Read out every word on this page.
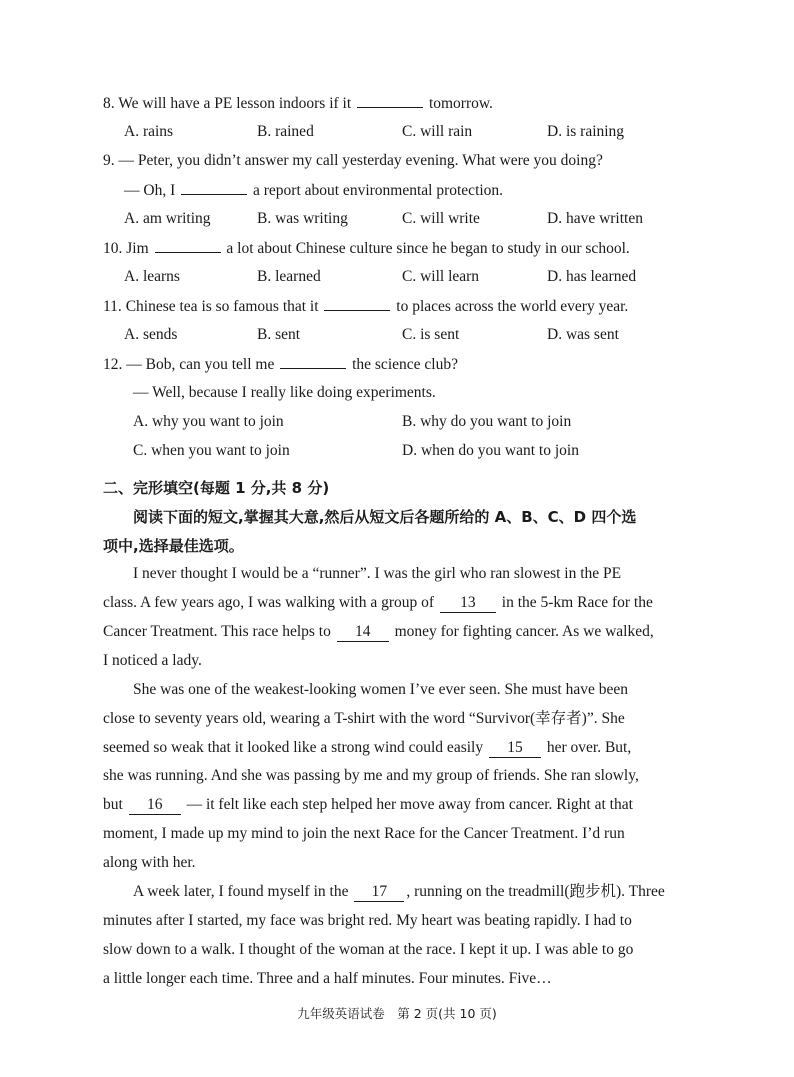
8. We will have a PE lesson indoors if it	tomorrow.
A. rains	B. rained	C. will rain	D. is raining
9. — Peter, you didn’t answer my call yesterday evening. What were you doing?
— Oh, I	a report about environmental protection.
A. am writing	B. was writing	C. will write	D. have written
10. Jim	a lot about Chinese culture since he began to study in our school.
A. learns	B. learned	C. will learn	D. has learned
11. Chinese tea is so famous that it	to places across the world every year.
A. sends	B. sent	C. is sent	D. was sent
12. — Bob, can you tell me	the science club?
— Well, because I really like doing experiments.
A. why you want to join	B. why do you want to join
C. when you want to join	D. when do you want to join
二、完形填空(每题 1 分,共 8 分)
阅读下面的短文,掌握其大意,然后从短文后各题所给的 A、B、C、D 四个选
项中,选择最佳选项。
I never thought I would be a “runner”. I was the girl who ran slowest in the PE
class. A few years ago, I was walking with a group of 13 in the 5-km Race for the
Cancer Treatment. This race helps to 14 money for fighting cancer. As we walked,
I noticed a lady.
She was one of the weakest-looking women I’ve ever seen. She must have been
close to seventy years old, wearing a T-shirt with the word “Survivor(幸存者)”. She
seemed so weak that it looked like a strong wind could easily 15 her over. But,
she was running. And she was passing by me and my group of friends. She ran slowly,
but 16 — it felt like each step helped her move away from cancer. Right at that
moment, I made up my mind to join the next Race for the Cancer Treatment. I’d run
along with her.
A week later, I found myself in the 17 , running on the treadmill(跑步机). Three
minutes after I started, my face was bright red. My heart was beating rapidly. I had to
slow down to a walk. I thought of the woman at the race. I kept it up. I was able to go
a little longer each time. Three and a half minutes. Four minutes. Five…
九年级英语试卷　第 2 页(共 10 页)
